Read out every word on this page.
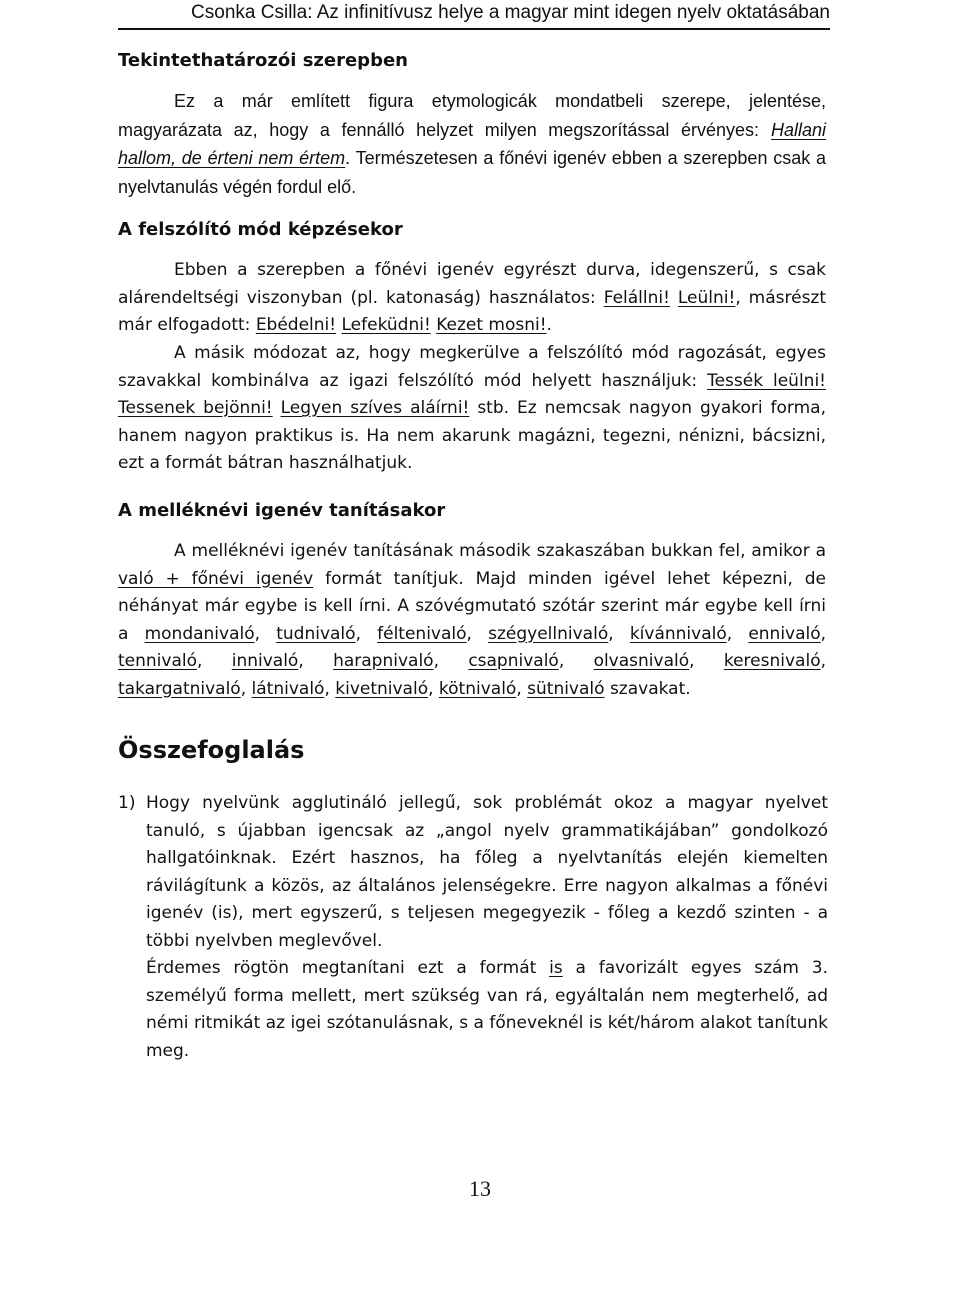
Csonka Csilla: Az infinitívusz helye a magyar mint idegen nyelv oktatásában
Tekintethatározói szerepben
Ez a már említett figura etymologicák mondatbeli szerepe, jelentése, magyarázata az, hogy a fennálló helyzet milyen megszorítással érvényes: Hallani hallom, de érteni nem értem. Természetesen a főnévi igenév ebben a szerepben csak a nyelvtanulás végén fordul elő.
A felszólító mód képzésekor
Ebben a szerepben a főnévi igenév egyrészt durva, idegenszerű, s csak alárendeltségi viszonyban (pl. katonaság) használatos: Felállni! Leülni!, másrészt már elfogadott: Ebédelni! Lefeküdni! Kezet mosni!.
A másik módozat az, hogy megkerülve a felszólító mód ragozását, egyes szavakkal kombinálva az igazi felszólító mód helyett használjuk: Tessék leülni! Tessenek bejönni! Legyen szíves aláírni! stb. Ez nemcsak nagyon gyakori forma, hanem nagyon praktikus is. Ha nem akarunk magázni, tegezni, nénizni, bácsizni, ezt a formát bátran használhatjuk.
A melléknévi igenév tanításakor
A melléknévi igenév tanításának második szakaszában bukkan fel, amikor a való + főnévi igenév formát tanítjuk. Majd minden igével lehet képezni, de néhányat már egybe is kell írni. A szóvégmutató szótár szerint már egybe kell írni a mondanivaló, tudnivaló, féltenivaló, szégyellnivaló, kívánnivaló, ennivaló, tennivaló, innivaló, harapnivaló, csapnivaló, olvasnivaló, keresnivaló, takargatnivaló, látnivaló, kivetnivaló, kötnivaló, sütnivaló szavakat.
Összefoglalás
1) Hogy nyelvünk agglutináló jellegű, sok problémát okoz a magyar nyelvet tanuló, s újabban igencsak az „angol nyelv grammatikájában” gondolkozó hallgatóinknak. Ezért hasznos, ha főleg a nyelvtanítás elején kiemelten rávilágítunk a közös, az általános jelenségekre. Erre nagyon alkalmas a főnévi igenév (is), mert egyszerű, s teljesen megegyezik - főleg a kezdő szinten - a többi nyelvben meglevővel.
Érdemes rögtön megtanítani ezt a formát is a favorizált egyes szám 3. személyű forma mellett, mert szükség van rá, egyáltalán nem megterhelő, ad némi ritmikát az igei szótanulásnak, s a főneveknél is két/három alakot tanítunk meg.
13
